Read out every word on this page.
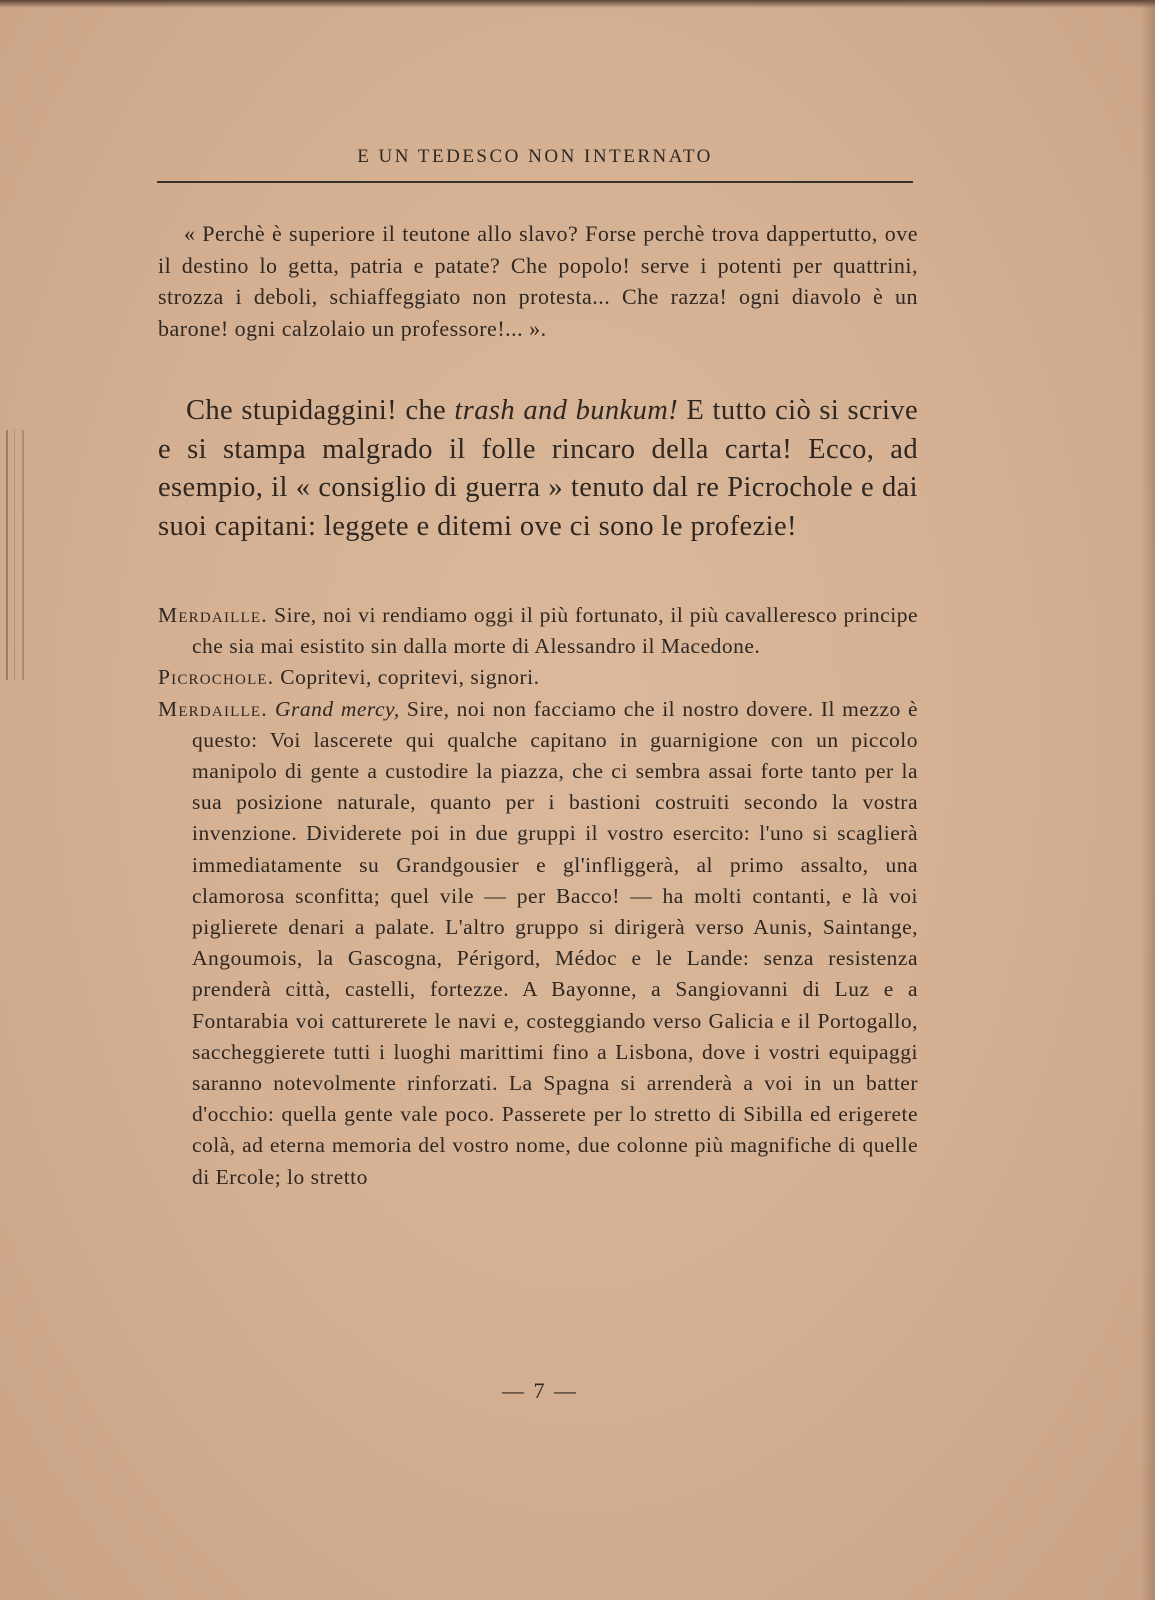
E UN TEDESCO NON INTERNATO

« Perchè è superiore il teutone allo slavo? Forse perchè trova dappertutto, ove il destino lo getta, patria e patate? Che popolo! serve i potenti per quattrini, strozza i deboli, schiaffeggiato non protesta... Che razza! ogni diavolo è un barone! ogni calzolaio un professore!... ».

Che stupidaggini! che trash and bunkum! E tutto ciò si scrive e si stampa malgrado il folle rincaro della carta! Ecco, ad esempio, il « consiglio di guerra » tenuto dal re Picrochole e dai suoi capitani: leggete e ditemi ove ci sono le profezie!

Merdaille. Sire, noi vi rendiamo oggi il più fortunato, il più cavalleresco principe che sia mai esistito sin dalla morte di Alessandro il Macedone.

Picrochole. Copritevi, copritevi, signori.

Merdaille. Grand mercy, Sire, noi non facciamo che il nostro dovere. Il mezzo è questo: Voi lascerete qui qualche capitano in guarnigione con un piccolo manipolo di gente a custodire la piazza, che ci sembra assai forte tanto per la sua posizione naturale, quanto per i bastioni costruiti secondo la vostra invenzione. Dividerete poi in due gruppi il vostro esercito: l'uno si scaglierà immediatamente su Grandgousier e gl'infliggerà, al primo assalto, una clamorosa sconfitta; quel vile — per Bacco! — ha molti contanti, e là voi piglierete denari a palate. L'altro gruppo si dirigerà verso Aunis, Saintange, Angoumois, la Gascogna, Périgord, Médoc e le Lande: senza resistenza prenderà città, castelli, fortezze. A Bayonne, a Sangiovanni di Luz e a Fontarabia voi catturerete le navi e, costeggiando verso Galicia e il Portogallo, saccheggierete tutti i luoghi marittimi fino a Lisbona, dove i vostri equipaggi saranno notevolmente rinforzati. La Spagna si arrenderà a voi in un batter d'occhio: quella gente vale poco. Passerete per lo stretto di Sibilla ed erigerete colà, ad eterna memoria del vostro nome, due colonne più magnifiche di quelle di Ercole; lo stretto

— 7 —
